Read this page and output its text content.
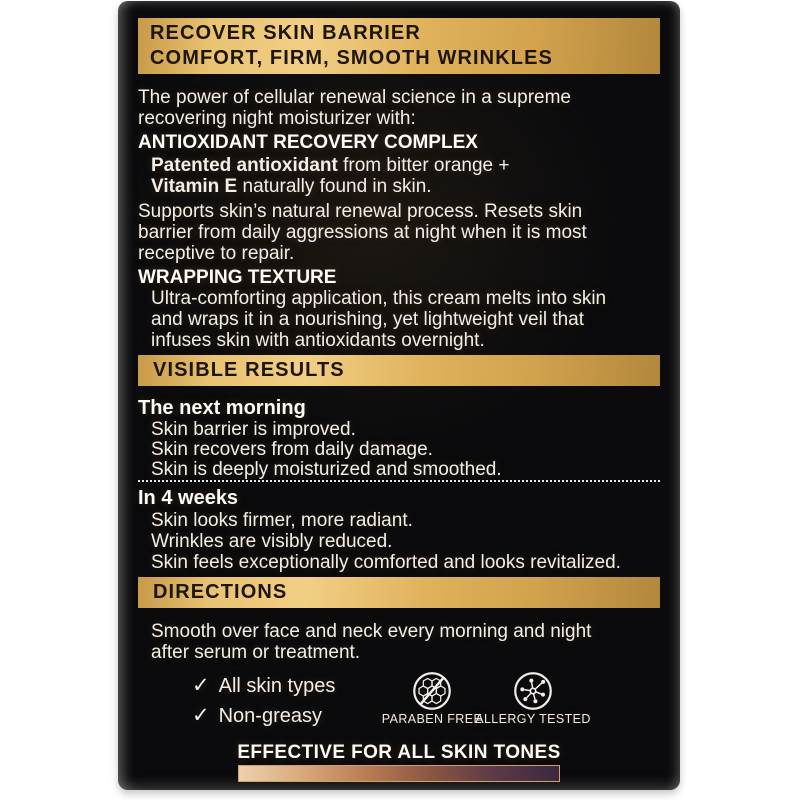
RECOVER SKIN BARRIER
COMFORT, FIRM, SMOOTH WRINKLES
The power of cellular renewal science in a supreme
recovering night moisturizer with:
ANTIOXIDANT RECOVERY COMPLEX
Patented antioxidant from bitter orange +
Vitamin E naturally found in skin.
Supports skin’s natural renewal process. Resets skin
barrier from daily aggressions at night when it is most
receptive to repair.
WRAPPING TEXTURE
Ultra-comforting application, this cream melts into skin
and wraps it in a nourishing, yet lightweight veil that
infuses skin with antioxidants overnight.
VISIBLE RESULTS
The next morning
Skin barrier is improved.
Skin recovers from daily damage.
Skin is deeply moisturized and smoothed.
In 4 weeks
Skin looks firmer, more radiant.
Wrinkles are visibly reduced.
Skin feels exceptionally comforted and looks revitalized.
DIRECTIONS
Smooth over face and neck every morning and night
after serum or treatment.
✓ All skin types
✓ Non-greasy	PARABEN FREE
ALLERGY TESTED
EFFECTIVE FOR ALL SKIN TONES
